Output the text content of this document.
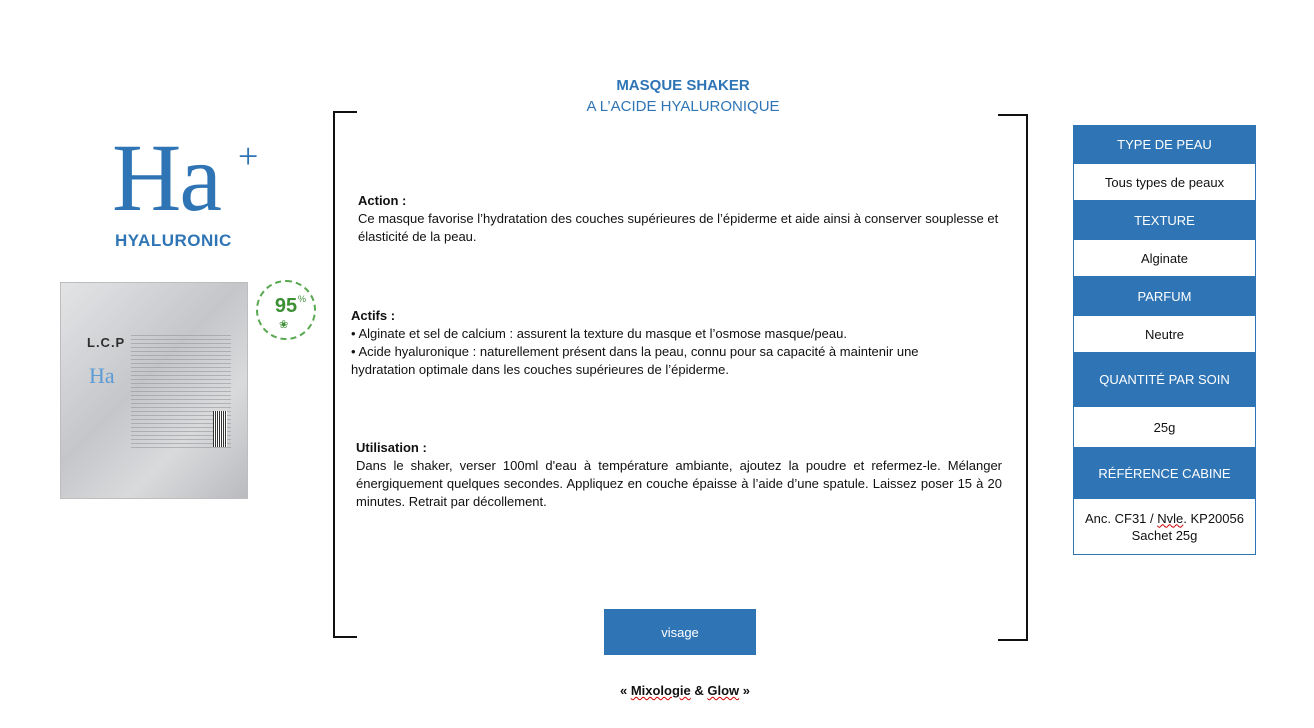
MASQUE SHAKER
A L’ACIDE HYALURONIQUE
Ha +
HYALURONIC
L.C.P
Ha
95 %
❀
Action :
Ce masque favorise l’hydratation des couches supérieures de l’épiderme et aide ainsi à conserver souplesse et élasticité de la peau.
Actifs :
• Alginate et sel de calcium : assurent la texture du masque et l’osmose masque/peau.
• Acide hyaluronique : naturellement présent dans la peau, connu pour sa capacité à maintenir une hydratation optimale dans les couches supérieures de l’épiderme.
Utilisation :
Dans le shaker, verser 100ml d'eau à température ambiante, ajoutez la poudre et refermez-le. Mélanger énergiquement quelques secondes. Appliquez en couche épaisse à l’aide d’une spatule. Laissez poser 15 à 20 minutes. Retrait par décollement.
visage
« Mixologie & Glow »
TYPE DE PEAU
Tous types de peaux
TEXTURE
Alginate
PARFUM
Neutre
QUANTITÉ PAR SOIN
25g
RÉFÉRENCE CABINE
Anc. CF31 / Nvle. KP20056
Sachet 25g
